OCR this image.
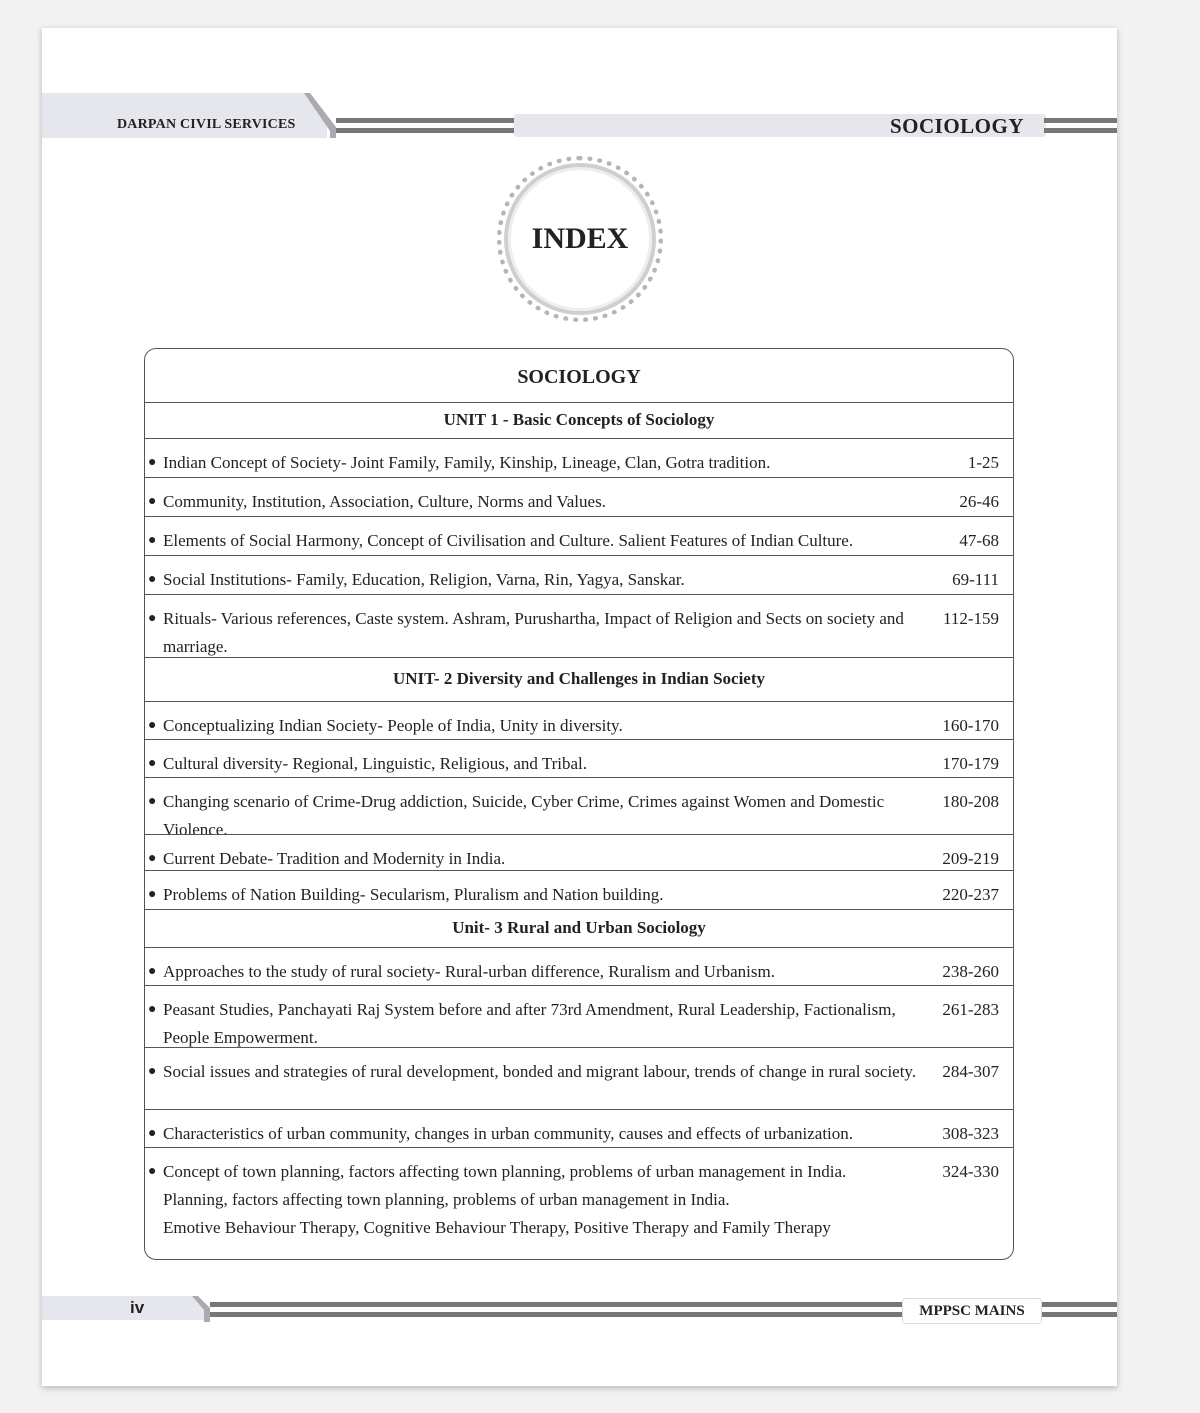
DARPAN CIVIL SERVICES	SOCIOLOGY
INDEX
SOCIOLOGY
UNIT 1 - Basic Concepts of Sociology
● Indian Concept of Society- Joint Family, Family, Kinship, Lineage, Clan, Gotra tradition.	1-25
● Community, Institution, Association, Culture, Norms and Values.	26-46
● Elements of Social Harmony, Concept of Civilisation and Culture. Salient Features of Indian Culture.	47-68
● Social Institutions- Family, Education, Religion, Varna, Rin, Yagya, Sanskar.	69-111
● Rituals- Various references, Caste system. Ashram, Purushartha, Impact of Religion and Sects on society and marriage.
112-159
UNIT- 2 Diversity and Challenges in Indian Society
● Conceptualizing Indian Society- People of India, Unity in diversity.	160-170
● Cultural diversity- Regional, Linguistic, Religious, and Tribal.	170-179
● Changing scenario of Crime-Drug addiction, Suicide, Cyber Crime, Crimes against Women and Domestic Violence.
180-208
● Current Debate- Tradition and Modernity in India.	209-219
● Problems of Nation Building- Secularism, Pluralism and Nation building.	220-237
Unit- 3 Rural and Urban Sociology
● Approaches to the study of rural society- Rural-urban difference, Ruralism and Urbanism.	238-260
● Peasant Studies, Panchayati Raj System before and after 73rd Amendment, Rural Leadership, Factionalism, People Empowerment.
261-283
● Social issues and strategies of rural development, bonded and migrant labour, trends of change in rural society.	284-307
● Characteristics of urban community, changes in urban community, causes and effects of urbanization.	308-323
● Concept of town planning, factors affecting town planning, problems of urban management in India.
Planning, factors affecting town planning, problems of urban management in India.
Emotive Behaviour Therapy, Cognitive Behaviour Therapy, Positive Therapy and Family Therapy
324-330
iv	MPPSC MAINS
